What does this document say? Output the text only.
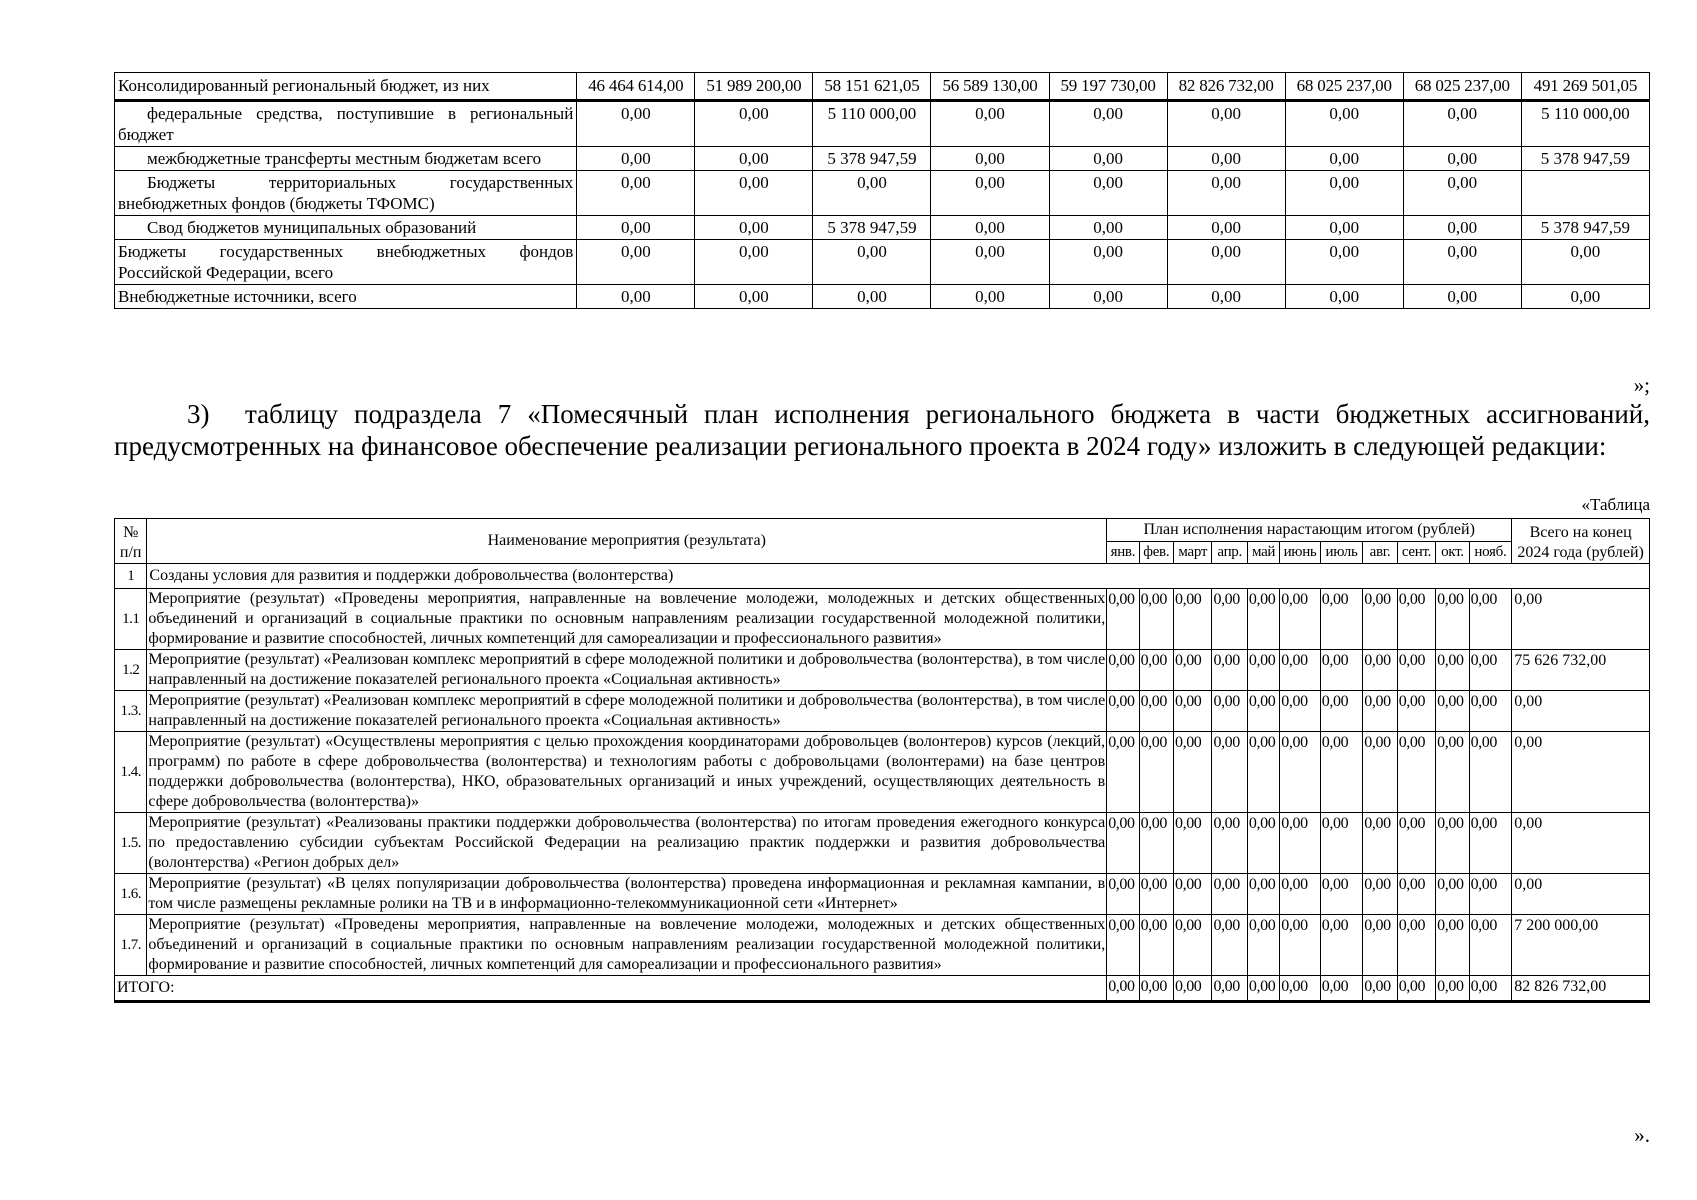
Консолидированный региональный бюджет, из них	46 464 614,00	51 989 200,00	58 151 621,05	56 589 130,00	59 197 730,00	82 826 732,00	68 025 237,00	68 025 237,00	491 269 501,05
федеральные средства, поступившие в региональный бюджет	0,00	0,00	5 110 000,00	0,00	0,00	0,00	0,00	0,00	5 110 000,00
межбюджетные трансферты местным бюджетам всего	0,00	0,00	5 378 947,59	0,00	0,00	0,00	0,00	0,00	5 378 947,59
Бюджеты территориальных государственных внебюджетных фондов (бюджеты ТФОМС)	0,00	0,00	0,00	0,00	0,00	0,00	0,00	0,00	
Свод бюджетов муниципальных образований	0,00	0,00	5 378 947,59	0,00	0,00	0,00	0,00	0,00	5 378 947,59
Бюджеты государственных внебюджетных фондов Российской Федерации, всего	0,00	0,00	0,00	0,00	0,00	0,00	0,00	0,00	0,00
Внебюджетные источники, всего	0,00	0,00	0,00	0,00	0,00	0,00	0,00	0,00	0,00
»;
3) таблицу подраздела 7 «Помесячный план исполнения регионального бюджета в части бюджетных ассигнований,
предусмотренных на финансовое обеспечение реализации регионального проекта в 2024 году» изложить в следующей редакции:
«Таблица
№ п/п	Наименование мероприятия (результата)	План исполнения нарастающим итогом (рублей)											Всего на конец 2024 года (рублей)
		янв.	фев.	март	апр.	май	июнь	июль	авг.	сент.	окт.	нояб.	
1	Созданы условия для развития и поддержки добровольчества (волонтерства)												
1.1	Мероприятие (результат) «Проведены мероприятия, направленные на вовлечение молодежи, молодежных и детских общественных объединений и организаций в социальные практики по основным направлениям реализации государственной молодежной политики, формирование и развитие способностей, личных компетенций для самореализации и профессионального развития»	0,00	0,00	0,00	0,00	0,00	0,00	0,00	0,00	0,00	0,00	0,00	0,00
1.2	Мероприятие (результат) «Реализован комплекс мероприятий в сфере молодежной политики и добровольчества (волонтерства), в том числе направленный на достижение показателей регионального проекта «Социальная активность»	0,00	0,00	0,00	0,00	0,00	0,00	0,00	0,00	0,00	0,00	0,00	75 626 732,00
1.3.	Мероприятие (результат) «Реализован комплекс мероприятий в сфере молодежной политики и добровольчества (волонтерства), в том числе направленный на достижение показателей регионального проекта «Социальная активность»	0,00	0,00	0,00	0,00	0,00	0,00	0,00	0,00	0,00	0,00	0,00	0,00
1.4.	Мероприятие (результат) «Осуществлены мероприятия с целью прохождения координаторами добровольцев (волонтеров) курсов (лекций, программ) по работе в сфере добровольчества (волонтерства) и технологиям работы с добровольцами (волонтерами) на базе центров поддержки добровольчества (волонтерства), НКО, образовательных организаций и иных учреждений, осуществляющих деятельность в сфере добровольчества (волонтерства)»	0,00	0,00	0,00	0,00	0,00	0,00	0,00	0,00	0,00	0,00	0,00	0,00
1.5.	Мероприятие (результат) «Реализованы практики поддержки добровольчества (волонтерства) по итогам проведения ежегодного конкурса по предоставлению субсидии субъектам Российской Федерации на реализацию практик поддержки и развития добровольчества (волонтерства) «Регион добрых дел»	0,00	0,00	0,00	0,00	0,00	0,00	0,00	0,00	0,00	0,00	0,00	0,00
1.6.	Мероприятие (результат) «В целях популяризации добровольчества (волонтерства) проведена информационная и рекламная кампании, в том числе размещены рекламные ролики на ТВ и в информационно-телекоммуникационной сети «Интернет»	0,00	0,00	0,00	0,00	0,00	0,00	0,00	0,00	0,00	0,00	0,00	0,00
1.7.	Мероприятие (результат) «Проведены мероприятия, направленные на вовлечение молодежи, молодежных и детских общественных объединений и организаций в социальные практики по основным направлениям реализации государственной молодежной политики, формирование и развитие способностей, личных компетенций для самореализации и профессионального развития»	0,00	0,00	0,00	0,00	0,00	0,00	0,00	0,00	0,00	0,00	0,00	7 200 000,00
ИТОГО:		0,00	0,00	0,00	0,00	0,00	0,00	0,00	0,00	0,00	0,00	0,00	82 826 732,00
».
